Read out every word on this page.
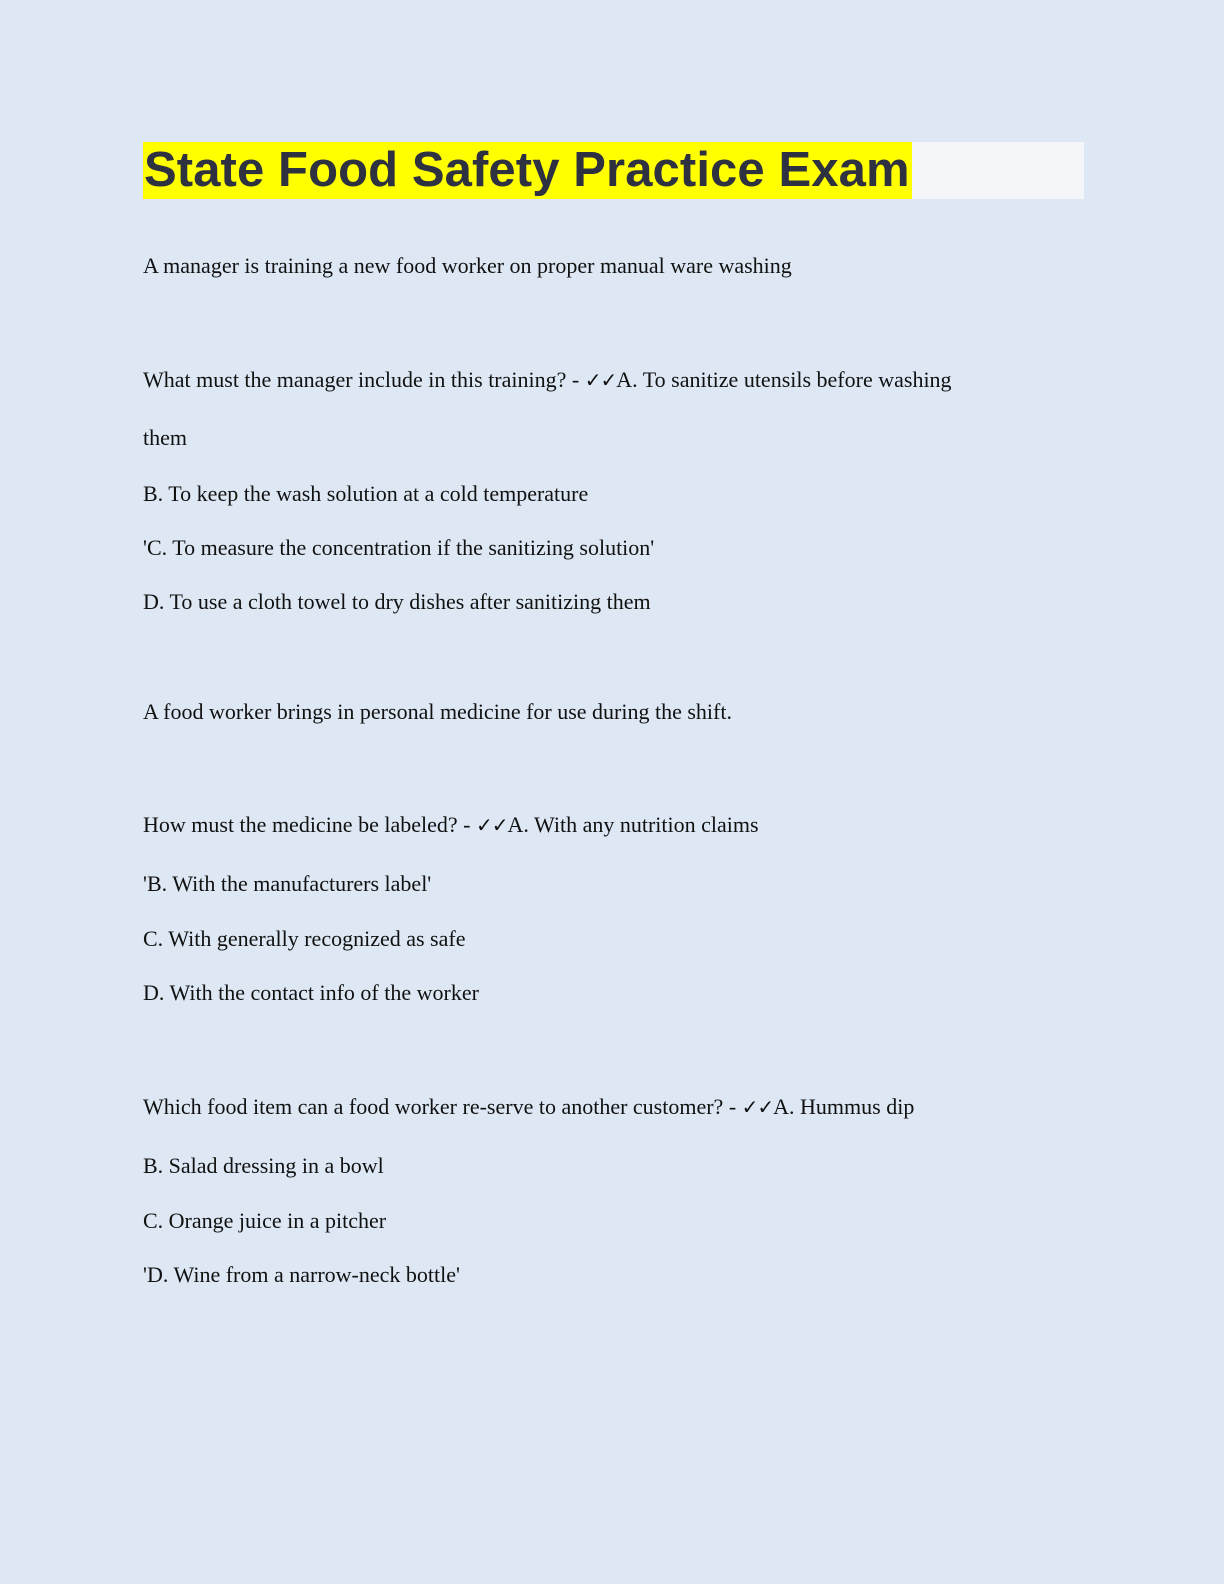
State Food Safety Practice Exam
A manager is training a new food worker on proper manual ware washing
What must the manager include in this training? - ✓✓A. To sanitize utensils before washing
them
B. To keep the wash solution at a cold temperature
'C. To measure the concentration if the sanitizing solution'
D. To use a cloth towel to dry dishes after sanitizing them
A food worker brings in personal medicine for use during the shift.
How must the medicine be labeled? - ✓✓A. With any nutrition claims
'B. With the manufacturers label'
C. With generally recognized as safe
D. With the contact info of the worker
Which food item can a food worker re-serve to another customer? - ✓✓A. Hummus dip
B. Salad dressing in a bowl
C. Orange juice in a pitcher
'D. Wine from a narrow-neck bottle'
